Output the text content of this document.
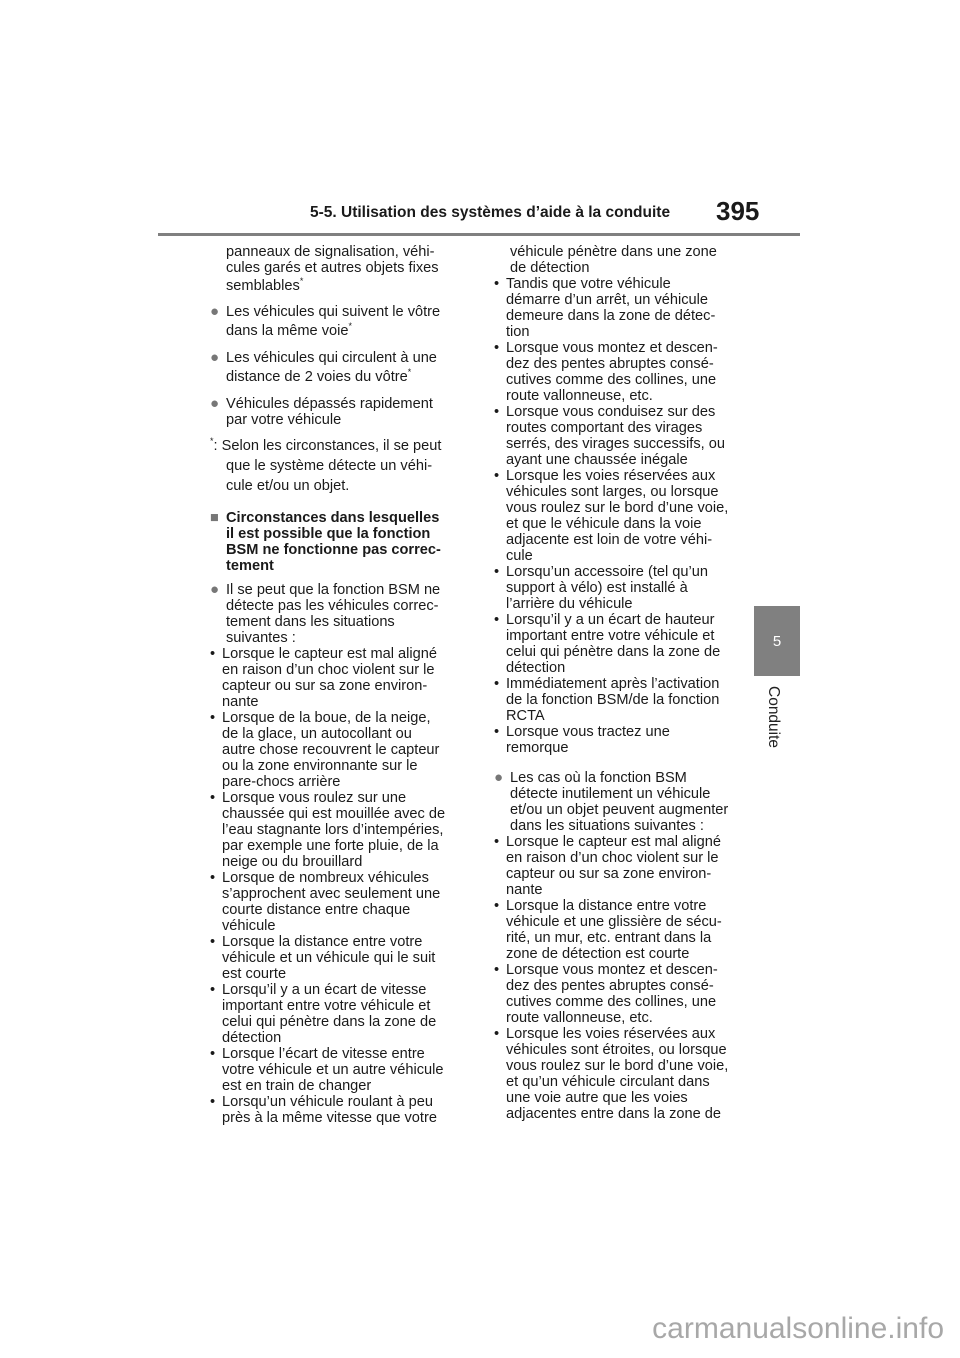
5-5. Utilisation des systèmes d’aide à la conduite 395
5
Conduite
panneaux de signalisation, véhi-
cules garés et autres objets fixes
semblables*
● Les véhicules qui suivent le vôtre
dans la même voie*
● Les véhicules qui circulent à une
distance de 2 voies du vôtre*
● Véhicules dépassés rapidement
par votre véhicule
*: Selon les circonstances, il se peut
que le système détecte un véhi-
cule et/ou un objet.
■ Circonstances dans lesquelles
il est possible que la fonction
BSM ne fonctionne pas correc-
tement
● Il se peut que la fonction BSM ne
détecte pas les véhicules correc-
tement dans les situations
suivantes :
• Lorsque le capteur est mal aligné
en raison d’un choc violent sur le
capteur ou sur sa zone environ-
nante
• Lorsque de la boue, de la neige,
de la glace, un autocollant ou
autre chose recouvrent le capteur
ou la zone environnante sur le
pare-chocs arrière
• Lorsque vous roulez sur une
chaussée qui est mouillée avec de
l’eau stagnante lors d’intempéries,
par exemple une forte pluie, de la
neige ou du brouillard
• Lorsque de nombreux véhicules
s’approchent avec seulement une
courte distance entre chaque
véhicule
• Lorsque la distance entre votre
véhicule et un véhicule qui le suit
est courte
• Lorsqu’il y a un écart de vitesse
important entre votre véhicule et
celui qui pénètre dans la zone de
détection
• Lorsque l’écart de vitesse entre
votre véhicule et un autre véhicule
est en train de changer
• Lorsqu’un véhicule roulant à peu
près à la même vitesse que votre
véhicule pénètre dans une zone
de détection
• Tandis que votre véhicule
démarre d’un arrêt, un véhicule
demeure dans la zone de détec-
tion
• Lorsque vous montez et descen-
dez des pentes abruptes consé-
cutives comme des collines, une
route vallonneuse, etc.
• Lorsque vous conduisez sur des
routes comportant des virages
serrés, des virages successifs, ou
ayant une chaussée inégale
• Lorsque les voies réservées aux
véhicules sont larges, ou lorsque
vous roulez sur le bord d’une voie,
et que le véhicule dans la voie
adjacente est loin de votre véhi-
cule
• Lorsqu’un accessoire (tel qu’un
support à vélo) est installé à
l’arrière du véhicule
• Lorsqu’il y a un écart de hauteur
important entre votre véhicule et
celui qui pénètre dans la zone de
détection
• Immédiatement après l’activation
de la fonction BSM/de la fonction
RCTA
• Lorsque vous tractez une
remorque
● Les cas où la fonction BSM
détecte inutilement un véhicule
et/ou un objet peuvent augmenter
dans les situations suivantes :
• Lorsque le capteur est mal aligné
en raison d’un choc violent sur le
capteur ou sur sa zone environ-
nante
• Lorsque la distance entre votre
véhicule et une glissière de sécu-
rité, un mur, etc. entrant dans la
zone de détection est courte
• Lorsque vous montez et descen-
dez des pentes abruptes consé-
cutives comme des collines, une
route vallonneuse, etc.
• Lorsque les voies réservées aux
véhicules sont étroites, ou lorsque
vous roulez sur le bord d’une voie,
et qu’un véhicule circulant dans
une voie autre que les voies
adjacentes entre dans la zone de
carmanualsonline.info
